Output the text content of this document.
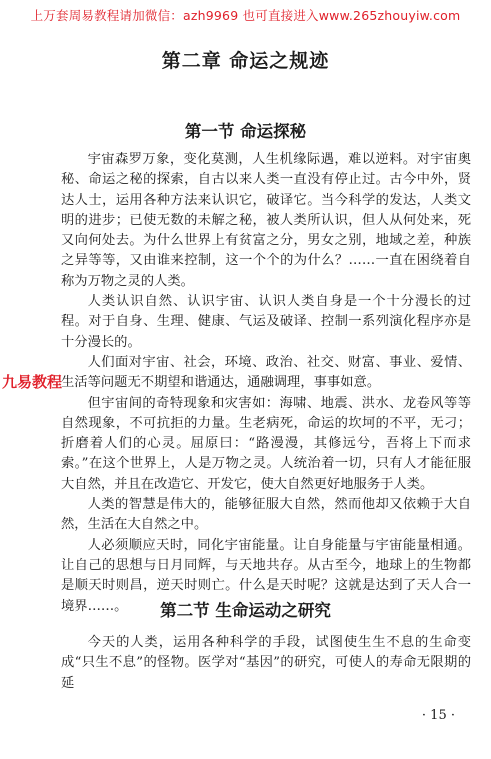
上万套周易教程请加微信：azh9969 也可直接进入www.265zhouyiw.com
九易教程
第二章 命运之规迹
第一节 命运探秘

宇宙森罗万象，变化莫测，人生机缘际遇，难以逆料。对宇宙奥秘、命运之秘的探索，自古以来人类一直没有停止过。古今中外，贤达人士，运用各种方法来认识它，破译它。当今科学的发达，人类文明的进步；已使无数的未解之秘，被人类所认识，但人从何处来，死又向何处去。为什么世界上有贫富之分，男女之别，地域之差，种族之异等等，又由谁来控制，这一个个的为什么？……一直在困绕着自称为万物之灵的人类。

人类认识自然、认识宇宙、认识人类自身是一个十分漫长的过程。对于自身、生理、健康、气运及破译、控制一系列演化程序亦是十分漫长的。

人们面对宇宙、社会，环境、政治、社交、财富、事业、爱情、生活等问题无不期望和谐通达，通融调理，事事如意。

但宇宙间的奇特现象和灾害如：海啸、地震、洪水、龙卷风等等自然现象，不可抗拒的力量。生老病死，命运的坎坷的不平，无刁；折磨着人们的心灵。屈原曰：“路漫漫，其修远兮，吾将上下而求索。”在这个世界上，人是万物之灵。人统治着一切，只有人才能征服大自然，并且在改造它、开发它，使大自然更好地服务于人类。

人类的智慧是伟大的，能够征服大自然，然而他却又依赖于大自然，生活在大自然之中。

人必须顺应天时，同化宇宙能量。让自身能量与宇宙能量相通。让自己的思想与日月同辉，与天地共存。从古至今，地球上的生物都是顺天时则昌，逆天时则亡。什么是天时呢？这就是达到了天人合一境界……。	第二节 生命运动之研究

今天的人类，运用各种科学的手段，试图使生生不息的生命变成“只生不息”的怪物。医学对“基因”的研究，可使人的寿命无限期的延

· 15 ·
